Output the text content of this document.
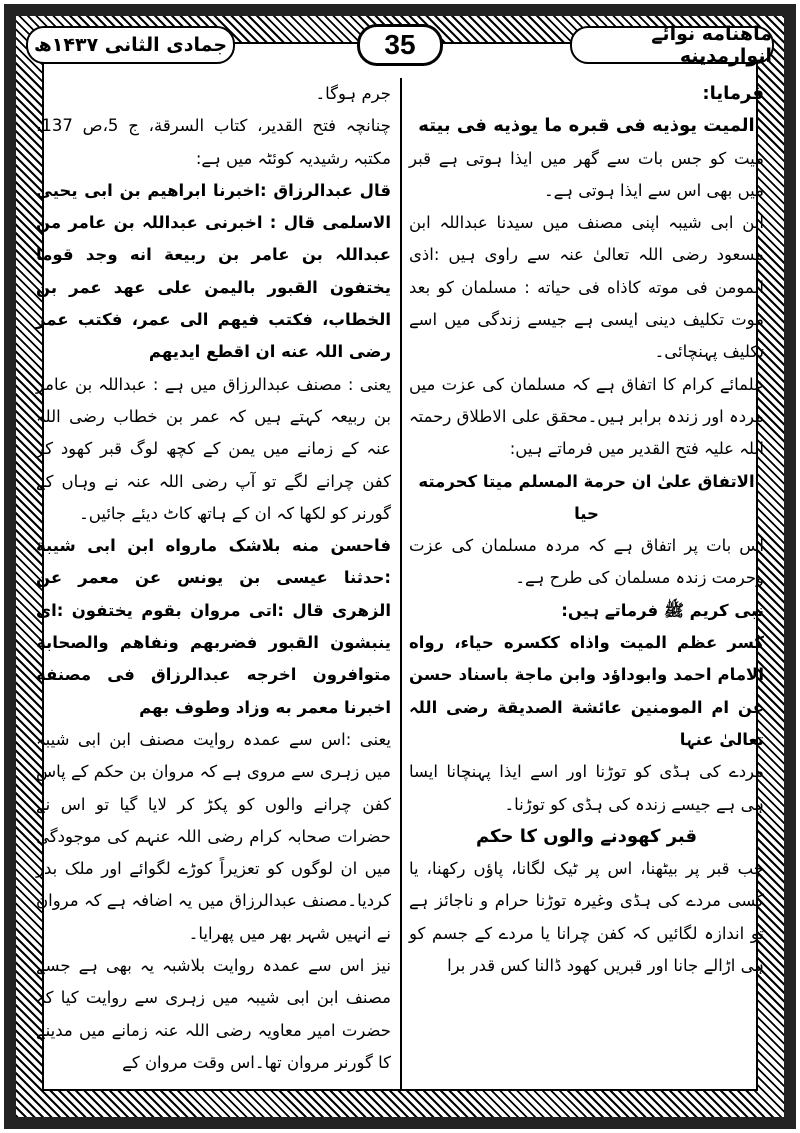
ماهنامه نوائے انوارمدینه
35
جمادی الثانی ۱۴۳۷ھ

فرمایا:

المیت یوذیه فی قبره ما یوذیه فی بیته

میت کو جس بات سے گھر میں ایذا ہوتی ہے قبر میں بھی اس سے ایذا ہوتی ہے۔

ابن ابی شیبہ اپنی مصنف میں سیدنا عبداللہ ابن مسعود رضی اللہ تعالیٰ عنہ سے راوی ہیں :اذی المومن فی موته کاذاه فی حیاته : مسلمان کو بعد موت تکلیف دینی ایسی ہے جیسے زندگی میں اسے تکلیف پہنچائی۔

علمائے کرام کا اتفاق ہے کہ مسلمان کی عزت میں مردہ اور زندہ برابر ہیں۔محقق علی الاطلاق رحمتہ اللہ علیہ فتح القدیر میں فرماتے ہیں:

الاتفاق علیٰ ان حرمة المسلم میتا کحرمته حیا

اس بات پر اتفاق ہے کہ مردہ مسلمان کی عزت وحرمت زندہ مسلمان کی طرح ہے۔

نبی کریم ﷺ فرماتے ہیں:

کسر عظم المیت واذاه ککسره حیاء، رواه الامام احمد وابوداؤد وابن ماجة باسناد حسن عن ام المومنین عائشة الصدیقة رضی اللہ تعالیٰ عنہا

مردے کی ہڈی کو توڑنا اور اسے ایذا پہنچانا ایسا ہی ہے جیسے زندہ کی ہڈی کو توڑنا۔

قبر کھودنے والوں کا حکم

جب قبر پر بیٹھنا، اس پر ٹیک لگانا، پاؤں رکھنا، یا کسی مردے کی ہڈی وغیرہ توڑنا حرام و ناجائز ہے تو اندازہ لگائیں کہ کفن چرانا یا مردے کے جسم کو ہی اڑالے جانا اور قبریں کھود ڈالنا کس قدر برا

جرم ہوگا۔

چنانچہ فتح القدیر، کتاب السرقة، ج 5،ص 137، مکتبہ رشیدیہ کوئٹہ میں ہے:

قال عبدالرزاق :اخبرنا ابراهیم بن ابی یحیی الاسلمی قال : اخبرنی عبداللہ بن عامر من عبداللہ بن عامر بن ربیعة انه وجد قوما یختفون القبور بالیمن علی عهد عمر بن الخطاب، فکتب فیهم الی عمر، فکتب عمر رضی اللہ عنه ان اقطع ایدیهم

یعنی : مصنف عبدالرزاق میں ہے : عبداللہ بن عامر بن ربیعہ کہتے ہیں کہ عمر بن خطاب رضی اللہ عنہ کے زمانے میں یمن کے کچھ لوگ قبر کھود کر کفن چرانے لگے تو آپ رضی اللہ عنہ نے وہاں کے گورنر کو لکھا کہ ان کے ہاتھ کاٹ دیئے جائیں۔

فاحسن منه بلاشک مارواه ابن ابی شیبة :حدثنا عیسی بن یونس عن معمر عن الزهری قال :اتی مروان بقوم یختفون :ای ینبشون القبور فضربهم ونفاهم والصحابة متوافرون اخرجه عبدالرزاق فی مصنفه اخبرنا معمر به وزاد وطوف بهم

یعنی :اس سے عمدہ روایت مصنف ابن ابی شیبہ میں زہری سے مروی ہے کہ مروان بن حکم کے پاس کفن چرانے والوں کو پکڑ کر لایا گیا تو اس نے حضرات صحابہ کرام رضی اللہ عنہم کی موجودگی میں ان لوگوں کو تعزیراً کوڑے لگوائے اور ملک بدر کردیا۔مصنف عبدالرزاق میں یہ اضافہ ہے کہ مروان نے انہیں شہر بھر میں پھرایا۔

نیز اس سے عمدہ روایت بلاشبہ یہ بھی ہے جسے مصنف ابن ابی شیبہ میں زہری سے روایت کیا کہ حضرت امیر معاویہ رضی اللہ عنہ زمانے میں مدینے کا گورنر مروان تھا۔اس وقت مروان کے
